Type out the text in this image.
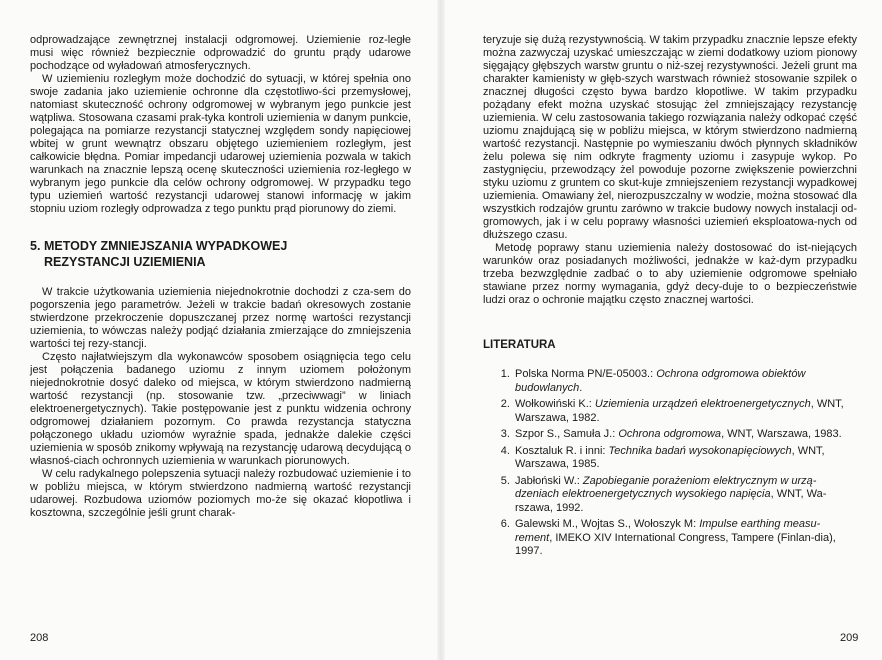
odprowadzające zewnętrznej instalacji odgromowej. Uziemienie roz-ległe musi więc również bezpiecznie odprowadzić do gruntu prądy udarowe pochodzące od wyładowań atmosferycznych.

W uziemieniu rozległym może dochodzić do sytuacji, w której spełnia ono swoje zadania jako uziemienie ochronne dla częstotliwo-ści przemysłowej, natomiast skuteczność ochrony odgromowej w wybranym jego punkcie jest wątpliwa. Stosowana czasami prak-tyka kontroli uziemienia w danym punkcie, polegająca na pomiarze rezystancji statycznej względem sondy napięciowej wbitej w grunt wewnątrz obszaru objętego uziemieniem rozległym, jest całkowicie błędna. Pomiar impedancji udarowej uziemienia pozwala w takich warunkach na znacznie lepszą ocenę skuteczności uziemienia roz-ległego w wybranym jego punkcie dla celów ochrony odgromowej. W przypadku tego typu uziemień wartość rezystancji udarowej stanowi informację w jakim stopniu uziom rozległy odprowadza z tego punktu prąd piorunowy do ziemi.

5. METODY ZMNIEJSZANIA WYPADKOWEJ
REZYSTANCJI UZIEMIENIA

W trakcie użytkowania uziemienia niejednokrotnie dochodzi z cza-sem do pogorszenia jego parametrów. Jeżeli w trakcie badań okresowych zostanie stwierdzone przekroczenie dopuszczanej przez normę wartości rezystancji uziemienia, to wówczas należy podjąć działania zmierzające do zmniejszenia wartości tej rezy-stancji.

Często najłatwiejszym dla wykonawców sposobem osiągnięcia tego celu jest połączenia badanego uziomu z innym uziomem położonym niejednokrotnie dosyć daleko od miejsca, w którym stwierdzono nadmierną wartość rezystancji (np. stosowanie tzw. „przeciwwagi” w liniach elektroenergetycznych). Takie postępowanie jest z punktu widzenia ochrony odgromowej działaniem pozornym. Co prawda rezystancja statyczna połączonego układu uziomów wyraźnie spada, jednakże dalekie części uziemienia w sposób znikomy wpływają na rezystancję udarową decydującą o własnoś-ciach ochronnych uziemienia w warunkach piorunowych.

W celu radykalnego polepszenia sytuacji należy rozbudować uziemienie i to w pobliżu miejsca, w którym stwierdzono nadmierną wartość rezystancji udarowej. Rozbudowa uziomów poziomych mo-że się okazać kłopotliwa i kosztowna, szczególnie jeśli grunt charak-

208

teryzuje się dużą rezystywnością. W takim przypadku znacznie lepsze efekty można zazwyczaj uzyskać umieszczając w ziemi dodatkowy uziom pionowy sięgający głębszych warstw gruntu o niż-szej rezystywności. Jeżeli grunt ma charakter kamienisty w głęb-szych warstwach również stosowanie szpilek o znacznej długości często bywa bardzo kłopotliwe. W takim przypadku pożądany efekt można uzyskać stosując żel zmniejszający rezystancję uziemienia. W celu zastosowania takiego rozwiązania należy odkopać część uziomu znajdującą się w pobliżu miejsca, w którym stwierdzono nadmierną wartość rezystancji. Następnie po wymieszaniu dwóch płynnych składników żelu polewa się nim odkryte fragmenty uziomu i zasypuje wykop. Po zastygnięciu, przewodzący żel powoduje pozorne zwiększenie powierzchni styku uziomu z gruntem co skut-kuje zmniejszeniem rezystancji wypadkowej uziemienia. Omawiany żel, nierozpuszczalny w wodzie, można stosować dla wszystkich rodzajów gruntu zarówno w trakcie budowy nowych instalacji od-gromowych, jak i w celu poprawy własności uziemień eksploatowa-nych od dłuższego czasu.

Metodę poprawy stanu uziemienia należy dostosować do ist-niejących warunków oraz posiadanych możliwości, jednakże w każ-dym przypadku trzeba bezwzględnie zadbać o to aby uziemienie odgromowe spełniało stawiane przez normy wymagania, gdyż decy-duje to o bezpieczeństwie ludzi oraz o ochronie majątku często znacznej wartości.

LITERATURA
1. Polska Norma PN/E-05003.: Ochrona odgromowa obiektów budowlanych.
2. Wołkowiński K.: Uziemienia urządzeń elektroenergetycznych, WNT, Warszawa, 1982.
3. Szpor S., Samuła J.: Ochrona odgromowa, WNT, Warszawa, 1983.
4. Kosztaluk R. i inni: Technika badań wysokonapięciowych, WNT, Warszawa, 1985.
5. Jabłoński W.: Zapobieganie porażeniom elektrycznym w urzą-dzeniach elektroenergetycznych wysokiego napięcia, WNT, Wa-rszawa, 1992.
6. Galewski M., Wojtas S., Wołoszyk M: Impulse earthing measu-rement, IMEKO XIV International Congress, Tampere (Finlan-dia), 1997.
209
